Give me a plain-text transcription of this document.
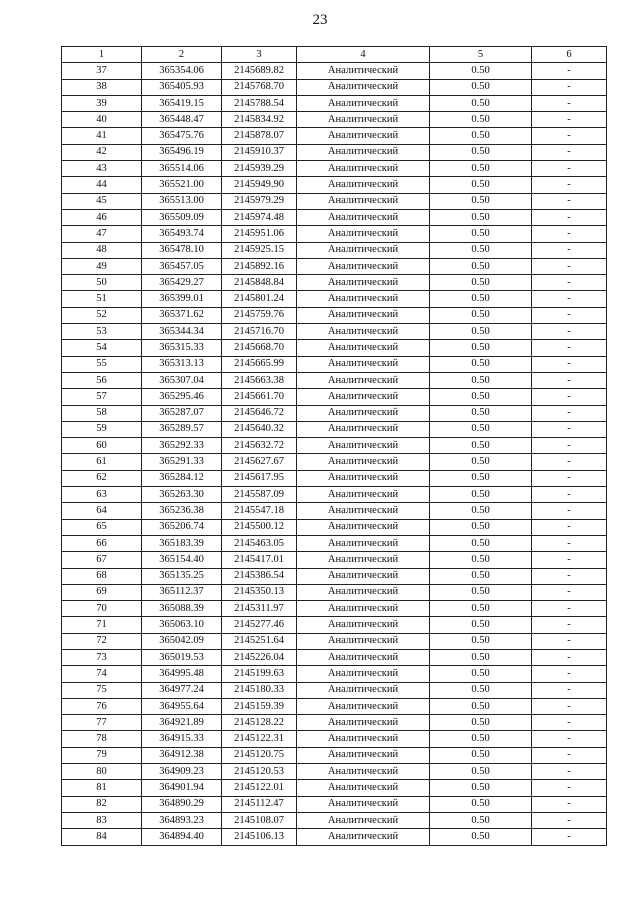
23
1	2	3	4	5	6
37	365354.06	2145689.82	Аналитический	0.50	-
38	365405.93	2145768.70	Аналитический	0.50	-
39	365419.15	2145788.54	Аналитический	0.50	-
40	365448.47	2145834.92	Аналитический	0.50	-
41	365475.76	2145878.07	Аналитический	0.50	-
42	365496.19	2145910.37	Аналитический	0.50	-
43	365514.06	2145939.29	Аналитический	0.50	-
44	365521.00	2145949.90	Аналитический	0.50	-
45	365513.00	2145979.29	Аналитический	0.50	-
46	365509.09	2145974.48	Аналитический	0.50	-
47	365493.74	2145951.06	Аналитический	0.50	-
48	365478.10	2145925.15	Аналитический	0.50	-
49	365457.05	2145892.16	Аналитический	0.50	-
50	365429.27	2145848.84	Аналитический	0.50	-
51	365399.01	2145801.24	Аналитический	0.50	-
52	365371.62	2145759.76	Аналитический	0.50	-
53	365344.34	2145716.70	Аналитический	0.50	-
54	365315.33	2145668.70	Аналитический	0.50	-
55	365313.13	2145665.99	Аналитический	0.50	-
56	365307.04	2145663.38	Аналитический	0.50	-
57	365295.46	2145661.70	Аналитический	0.50	-
58	365287.07	2145646.72	Аналитический	0.50	-
59	365289.57	2145640.32	Аналитический	0.50	-
60	365292.33	2145632.72	Аналитический	0.50	-
61	365291.33	2145627.67	Аналитический	0.50	-
62	365284.12	2145617.95	Аналитический	0.50	-
63	365263.30	2145587.09	Аналитический	0.50	-
64	365236.38	2145547.18	Аналитический	0.50	-
65	365206.74	2145500.12	Аналитический	0.50	-
66	365183.39	2145463.05	Аналитический	0.50	-
67	365154.40	2145417.01	Аналитический	0.50	-
68	365135.25	2145386.54	Аналитический	0.50	-
69	365112.37	2145350.13	Аналитический	0.50	-
70	365088.39	2145311.97	Аналитический	0.50	-
71	365063.10	2145277.46	Аналитический	0.50	-
72	365042.09	2145251.64	Аналитический	0.50	-
73	365019.53	2145226.04	Аналитический	0.50	-
74	364995.48	2145199.63	Аналитический	0.50	-
75	364977.24	2145180.33	Аналитический	0.50	-
76	364955.64	2145159.39	Аналитический	0.50	-
77	364921.89	2145128.22	Аналитический	0.50	-
78	364915.33	2145122.31	Аналитический	0.50	-
79	364912.38	2145120.75	Аналитический	0.50	-
80	364909.23	2145120.53	Аналитический	0.50	-
81	364901.94	2145122.01	Аналитический	0.50	-
82	364890.29	2145112.47	Аналитический	0.50	-
83	364893.23	2145108.07	Аналитический	0.50	-
84	364894.40	2145106.13	Аналитический	0.50	-
